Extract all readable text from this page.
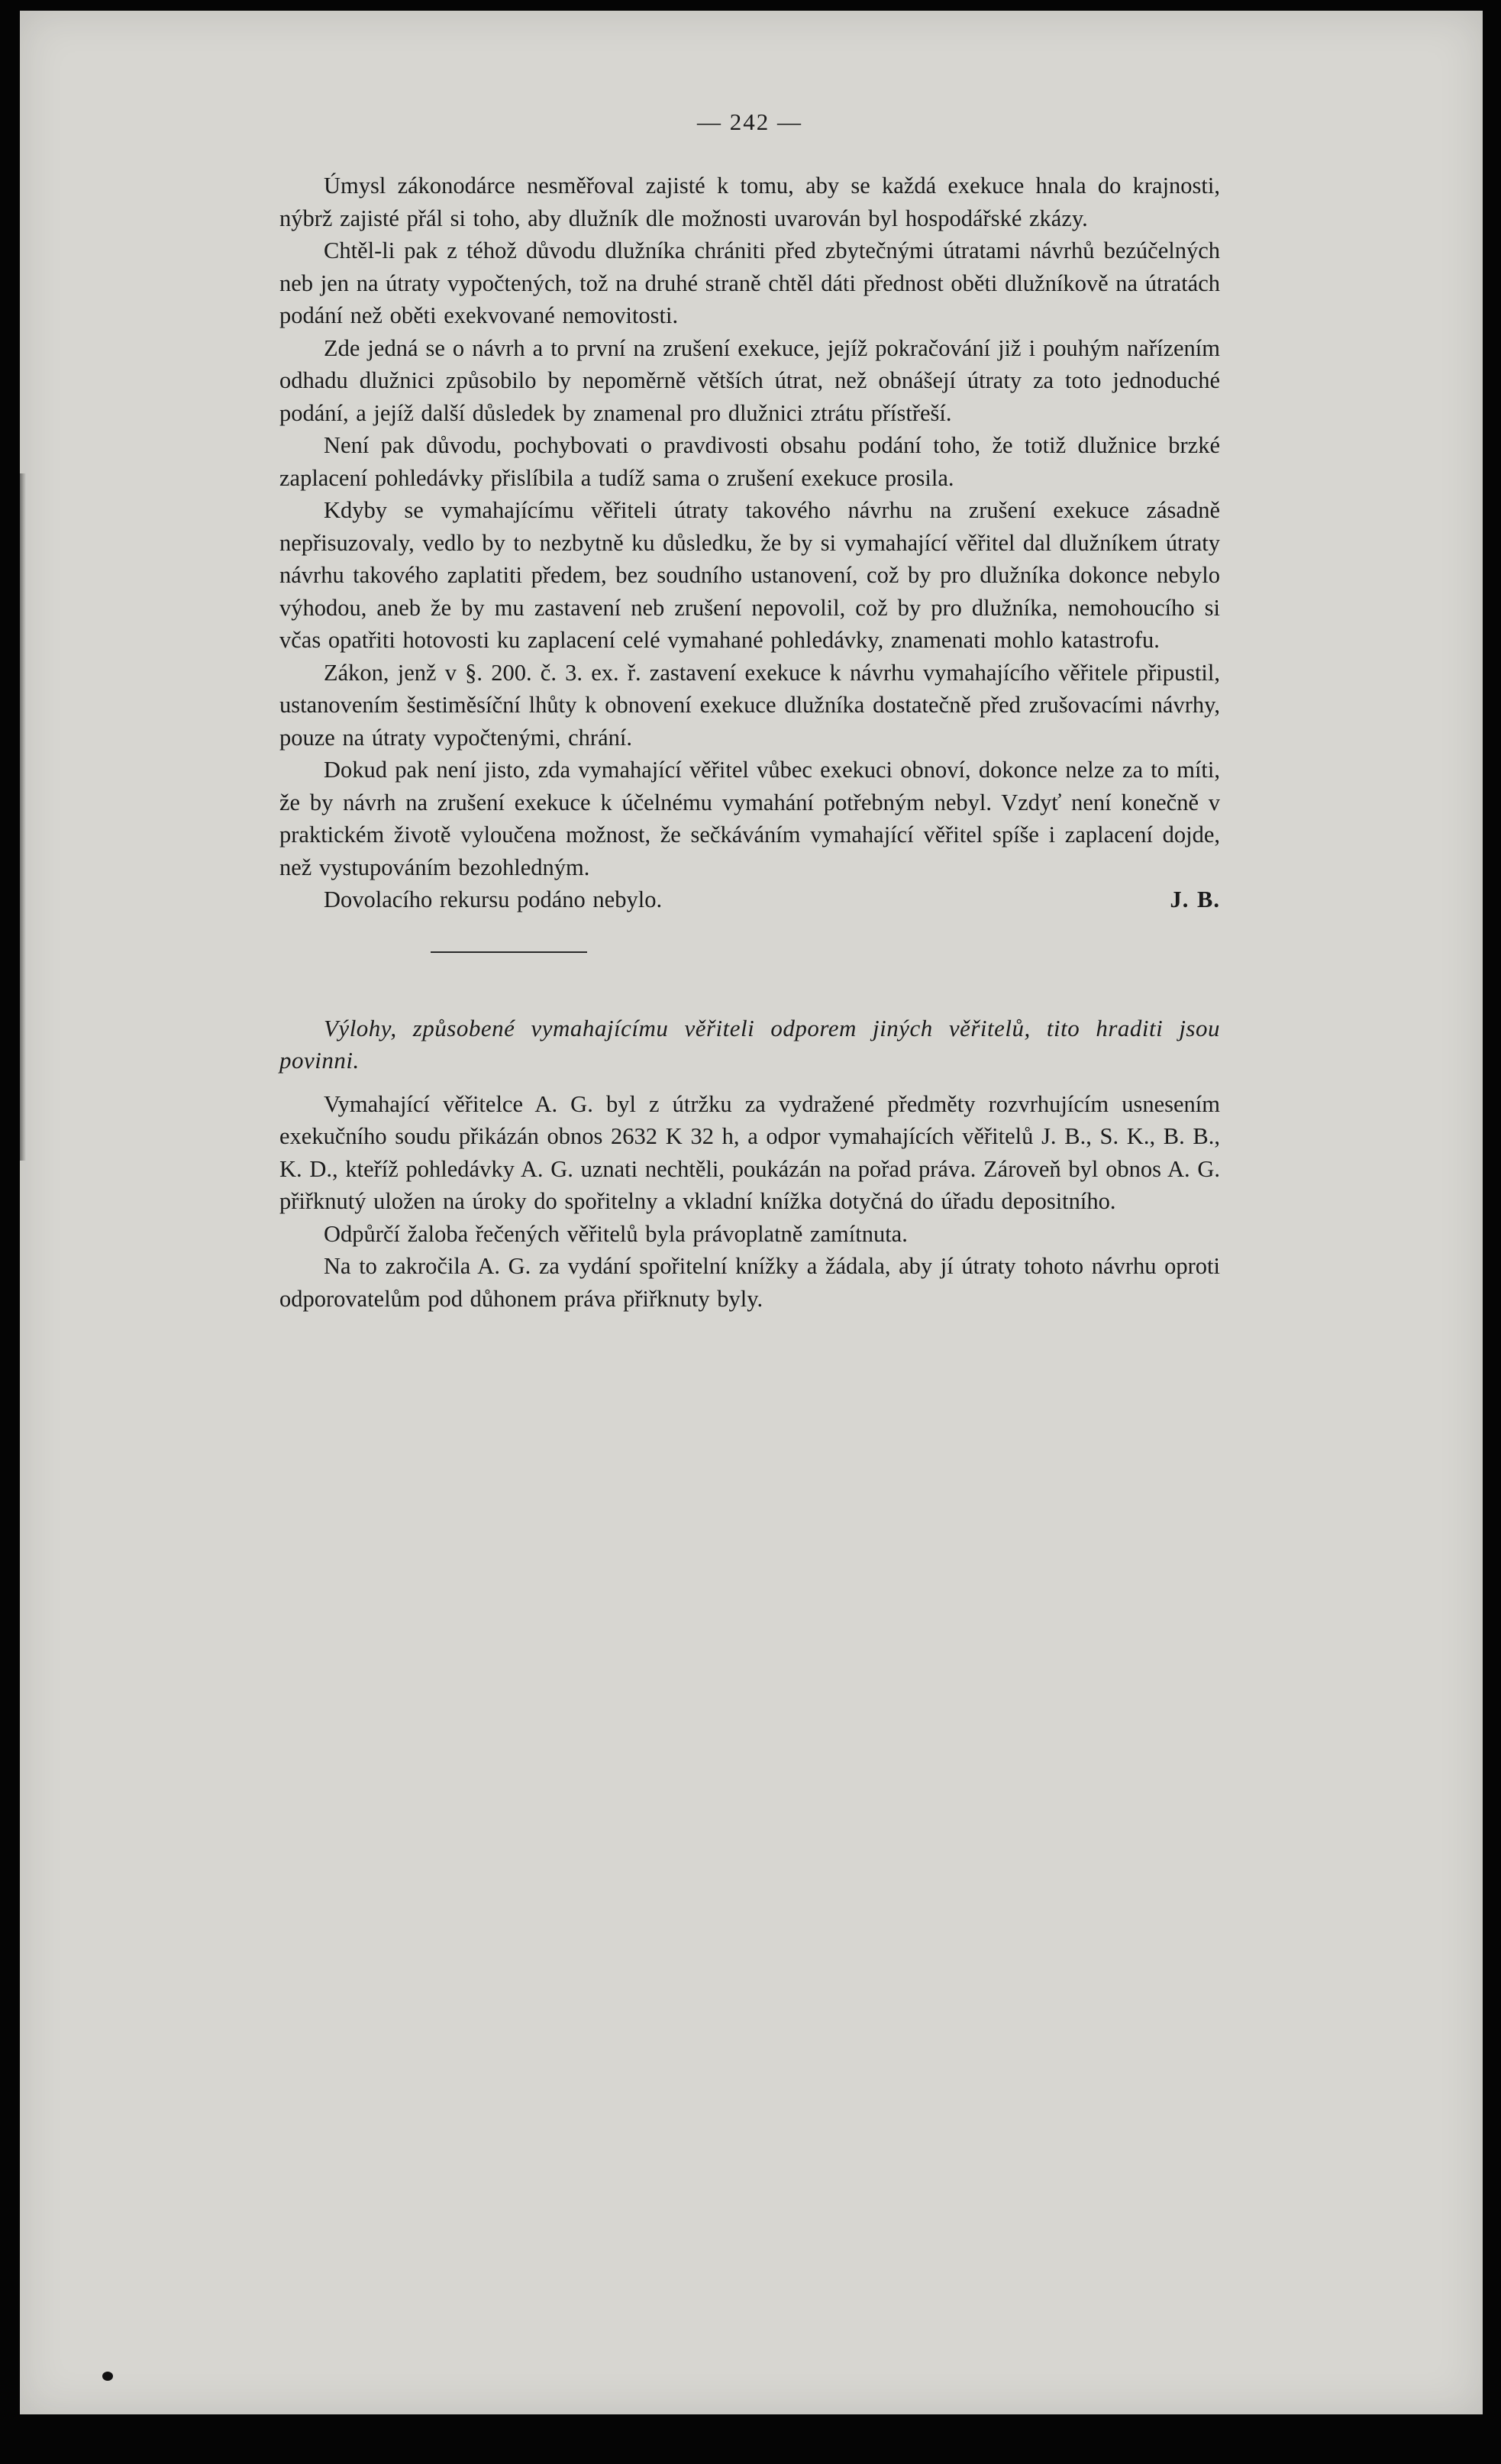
— 242 —

Úmysl zákonodárce nesměřoval zajisté k tomu, aby se každá exekuce hnala do krajnosti, nýbrž zajisté přál si toho, aby dlužník dle možnosti uvarován byl hospodářské zkázy.

Chtěl-li pak z téhož důvodu dlužníka chrániti před zbytečnými útratami návrhů bezúčelných neb jen na útraty vypočtených, tož na druhé straně chtěl dáti přednost oběti dlužníkově na útratách podání než oběti exekvované nemovitosti.

Zde jedná se o návrh a to první na zrušení exekuce, jejíž pokračování již i pouhým nařízením odhadu dlužnici způsobilo by nepoměrně větších útrat, než obnášejí útraty za toto jednoduché podání, a jejíž další důsledek by znamenal pro dlužnici ztrátu přístřeší.

Není pak důvodu, pochybovati o pravdivosti obsahu podání toho, že totiž dlužnice brzké zaplacení pohledávky přislíbila a tudíž sama o zrušení exekuce prosila.

Kdyby se vymahajícímu věřiteli útraty takového návrhu na zrušení exekuce zásadně nepřisuzovaly, vedlo by to nezbytně ku důsledku, že by si vymahající věřitel dal dlužníkem útraty návrhu takového zaplatiti předem, bez soudního ustanovení, což by pro dlužníka dokonce nebylo výhodou, aneb že by mu zastavení neb zrušení nepovolil, což by pro dlužníka, nemohoucího si včas opatřiti hotovosti ku zaplacení celé vymahané pohledávky, znamenati mohlo katastrofu.

Zákon, jenž v §. 200. č. 3. ex. ř. zastavení exekuce k návrhu vymahajícího věřitele připustil, ustanovením šestiměsíční lhůty k obnovení exekuce dlužníka dostatečně před zrušovacími návrhy, pouze na útraty vypočtenými, chrání.

Dokud pak není jisto, zda vymahající věřitel vůbec exekuci obnoví, dokonce nelze za to míti, že by návrh na zrušení exekuce k účelnému vymahání potřebným nebyl. Vzdyť není konečně v praktickém životě vyloučena možnost, že sečkáváním vymahající věřitel spíše i zaplacení dojde, než vystupováním bezohledným.

J. B.
Dovolacího rekursu podáno nebylo.

Výlohy, způsobené vymahajícímu věřiteli odporem jiných věřitelů, tito hraditi jsou povinni.

Vymahající věřitelce A. G. byl z útržku za vydražené předměty rozvrhujícím usnesením exekučního soudu přikázán obnos 2632 K 32 h, a odpor vymahajících věřitelů J. B., S. K., B. B., K. D., kteříž pohledávky A. G. uznati nechtěli, poukázán na pořad práva. Zároveň byl obnos A. G. přiřknutý uložen na úroky do spořitelny a vkladní knížka dotyčná do úřadu depositního.

Odpůrčí žaloba řečených věřitelů byla právoplatně zamítnuta.

Na to zakročila A. G. za vydání spořitelní knížky a žádala, aby jí útraty tohoto návrhu oproti odporovatelům pod důhonem práva přiřknuty byly.
